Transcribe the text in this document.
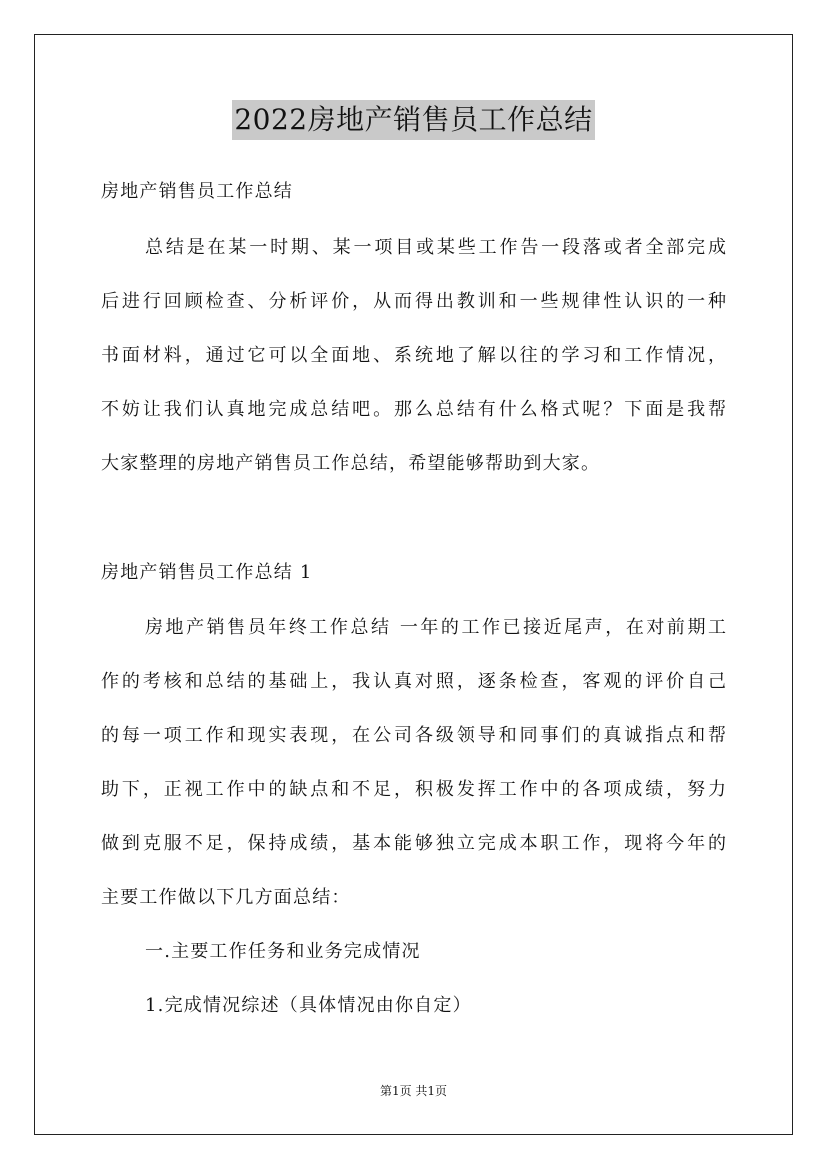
2022房地产销售员工作总结
房地产销售员工作总结
总结是在某一时期、某一项目或某些工作告一段落或者全部完成
后进行回顾检查、分析评价，从而得出教训和一些规律性认识的一种
书面材料，通过它可以全面地、系统地了解以往的学习和工作情况，
不妨让我们认真地完成总结吧。那么总结有什么格式呢？下面是我帮
大家整理的房地产销售员工作总结，希望能够帮助到大家。
房地产销售员工作总结 1
房地产销售员年终工作总结 一年的工作已接近尾声，在对前期工
作的考核和总结的基础上，我认真对照，逐条检查，客观的评价自己
的每一项工作和现实表现，在公司各级领导和同事们的真诚指点和帮
助下，正视工作中的缺点和不足，积极发挥工作中的各项成绩，努力
做到克服不足，保持成绩，基本能够独立完成本职工作，现将今年的
主要工作做以下几方面总结：
一.主要工作任务和业务完成情况
1.完成情况综述（具体情况由你自定）
第1页 共1页
